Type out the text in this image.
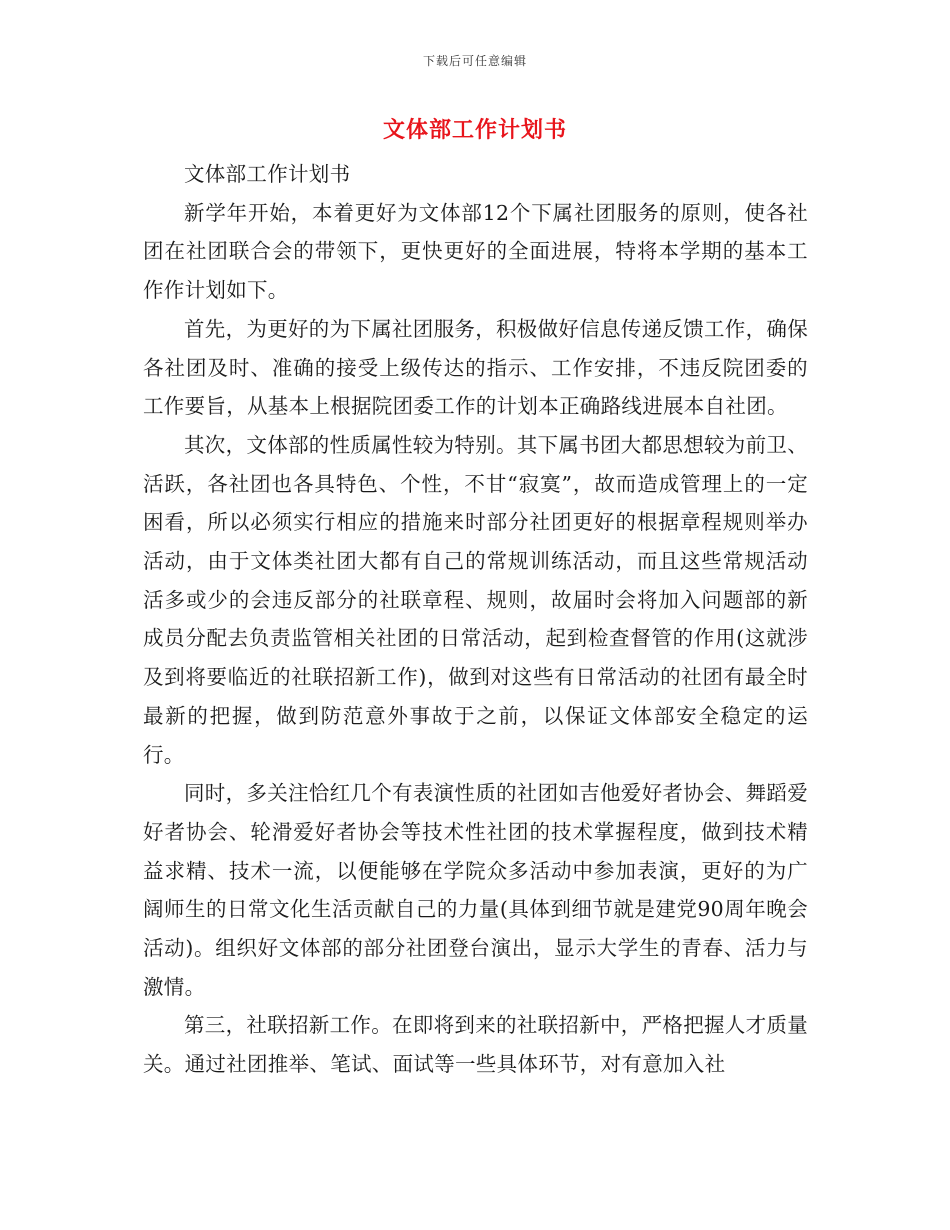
下载后可任意编辑
文体部工作计划书

文体部工作计划书

新学年开始，本着更好为文体部12个下属社团服务的原则，使各社团在社团联合会的带领下，更快更好的全面进展，特将本学期的基本工作作计划如下。

首先，为更好的为下属社团服务，积极做好信息传递反馈工作，确保各社团及时、准确的接受上级传达的指示、工作安排，不违反院团委的工作要旨，从基本上根据院团委工作的计划本正确路线进展本自社团。

其次，文体部的性质属性较为特别。其下属书团大都思想较为前卫、活跃，各社团也各具特色、个性，不甘“寂寞”，故而造成管理上的一定困看，所以必须实行相应的措施来时部分社团更好的根据章程规则举办活动，由于文体类社团大都有自己的常规训练活动，而且这些常规活动活多或少的会违反部分的社联章程、规则，故届时会将加入问题部的新成员分配去负责监管相关社团的日常活动，起到检查督管的作用(这就涉及到将要临近的社联招新工作)，做到对这些有日常活动的社团有最全时最新的把握，做到防范意外事故于之前，以保证文体部安全稳定的运行。

同时，多关注恰红几个有表演性质的社团如吉他爱好者协会、舞蹈爱好者协会、轮滑爱好者协会等技术性社团的技术掌握程度，做到技术精益求精、技术一流，以便能够在学院众多活动中参加表演，更好的为广阔师生的日常文化生活贡献自己的力量(具体到细节就是建党90周年晚会活动)。组织好文体部的部分社团登台演出，显示大学生的青春、活力与激情。

第三，社联招新工作。在即将到来的社联招新中，严格把握人才质量关。通过社团推举、笔试、面试等一些具体环节，对有意加入社
